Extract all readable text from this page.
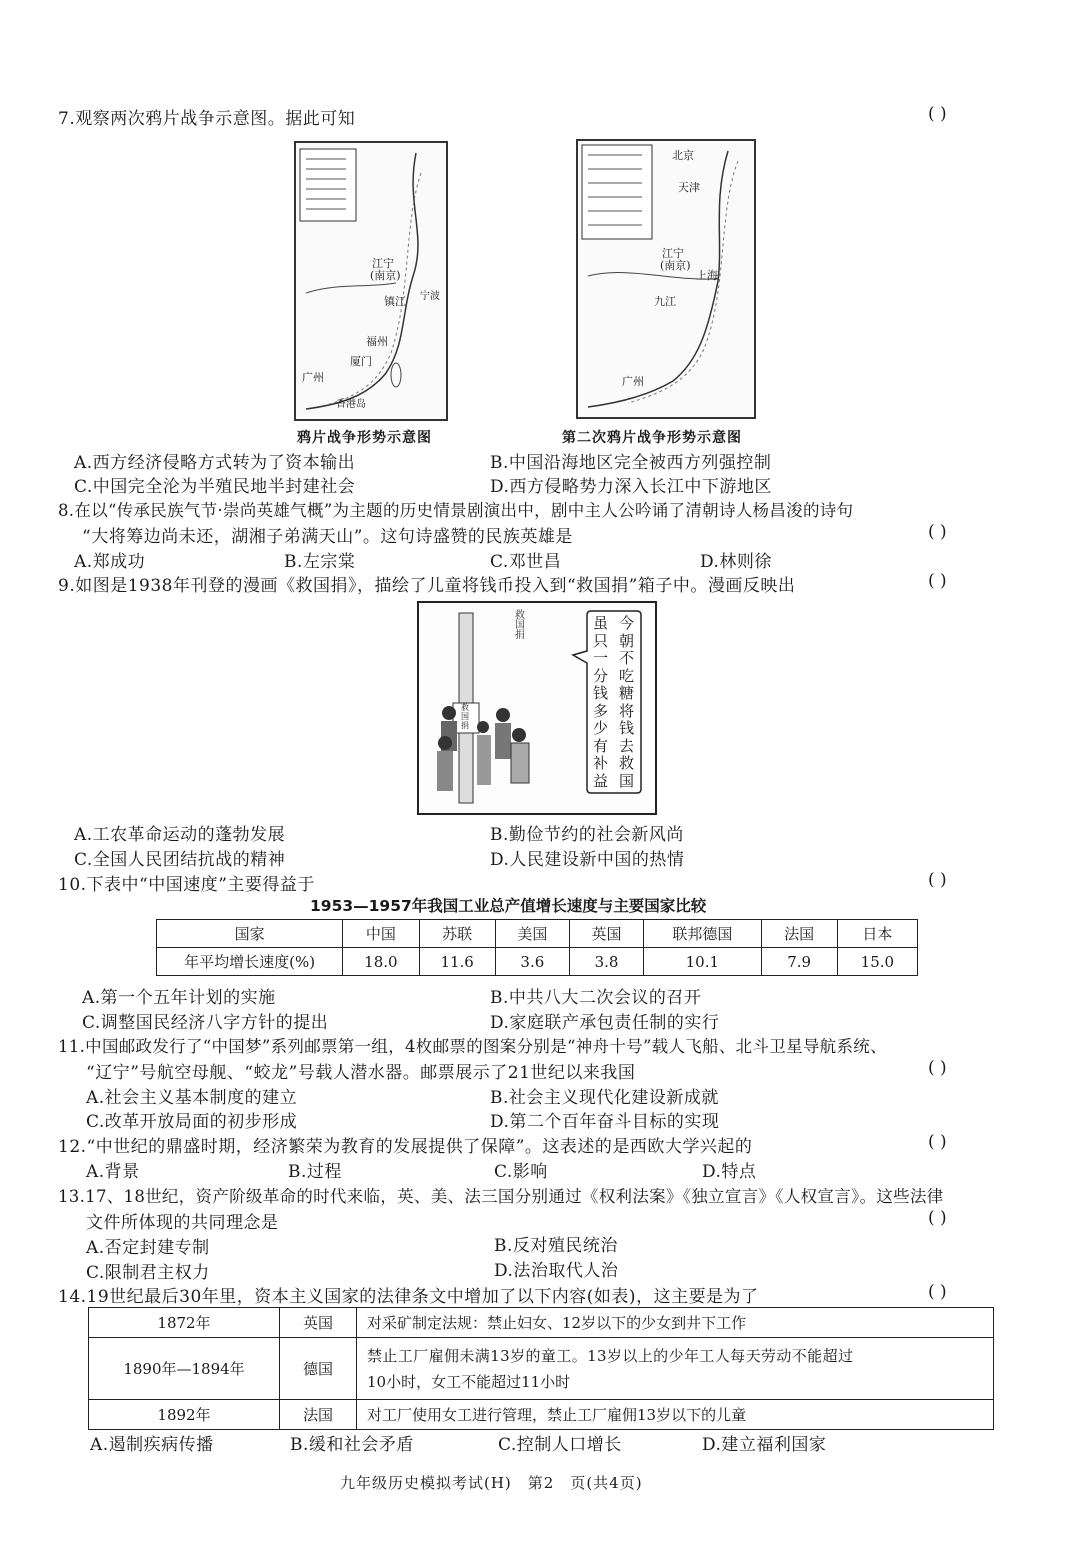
7.观察两次鸦片战争示意图。据此可知	( )
江宁
(南京)
镇江 宁波
福州
厦门
广州
香港岛
鸦片战争形势示意图
北京
天津
江宁
(南京)
上海
九江
广州
第二次鸦片战争形势示意图
A.西方经济侵略方式转为了资本输出	B.中国沿海地区完全被西方列强控制
C.中国完全沦为半殖民地半封建社会	D.西方侵略势力深入长江中下游地区
8.在以“传承民族气节·崇尚英雄气概”为主题的历史情景剧演出中，剧中主人公吟诵了清朝诗人杨昌浚的诗句
“大将筹边尚未还，湖湘子弟满天山”。这句诗盛赞的民族英雄是	( )
A.郑成功	B.左宗棠	C.邓世昌	D.林则徐
9.如图是1938年刊登的漫画《救国捐》，描绘了儿童将钱币投入到“救国捐”箱子中。漫画反映出	( )
救国捐
救国捐
今朝不吃糖将钱去救国
虽只一分钱多少有补益
A.工农革命运动的蓬勃发展	B.勤俭节约的社会新风尚
C.全国人民团结抗战的精神	D.人民建设新中国的热情
10.下表中“中国速度”主要得益于	( )
1953—1957年我国工业总产值增长速度与主要国家比较
国家	中国	苏联	美国	英国	联邦德国	法国	日本
年平均增长速度(%)	18.0	11.6	3.6	3.8	10.1	7.9	15.0
A.第一个五年计划的实施	B.中共八大二次会议的召开
C.调整国民经济八字方针的提出	D.家庭联产承包责任制的实行
11.中国邮政发行了“中国梦”系列邮票第一组，4枚邮票的图案分别是“神舟十号”载人飞船、北斗卫星导航系统、
“辽宁”号航空母舰、“蛟龙”号载人潜水器。邮票展示了21世纪以来我国	( )
A.社会主义基本制度的建立	B.社会主义现代化建设新成就
C.改革开放局面的初步形成	D.第二个百年奋斗目标的实现
12.“中世纪的鼎盛时期，经济繁荣为教育的发展提供了保障”。这表述的是西欧大学兴起的	( )
A.背景	B.过程	C.影响	D.特点
13.17、18世纪，资产阶级革命的时代来临，英、美、法三国分别通过《权利法案》《独立宣言》《人权宣言》。这些法律
文件所体现的共同理念是	( )
A.否定封建专制	B.反对殖民统治
C.限制君主权力	D.法治取代人治
14.19世纪最后30年里，资本主义国家的法律条文中增加了以下内容(如表)，这主要是为了	( )
1872年	英国	对采矿制定法规：禁止妇女、12岁以下的少女到井下工作
1890年—1894年	德国	禁止工厂雇佣未满13岁的童工。13岁以上的少年工人每天劳动不能超过
10小时，女工不能超过11小时

1892年	法国	对工厂使用女工进行管理，禁止工厂雇佣13岁以下的儿童
A.遏制疾病传播	B.缓和社会矛盾	C.控制人口增长	D.建立福利国家
九年级历史模拟考试(H)　第2　页(共4页)
